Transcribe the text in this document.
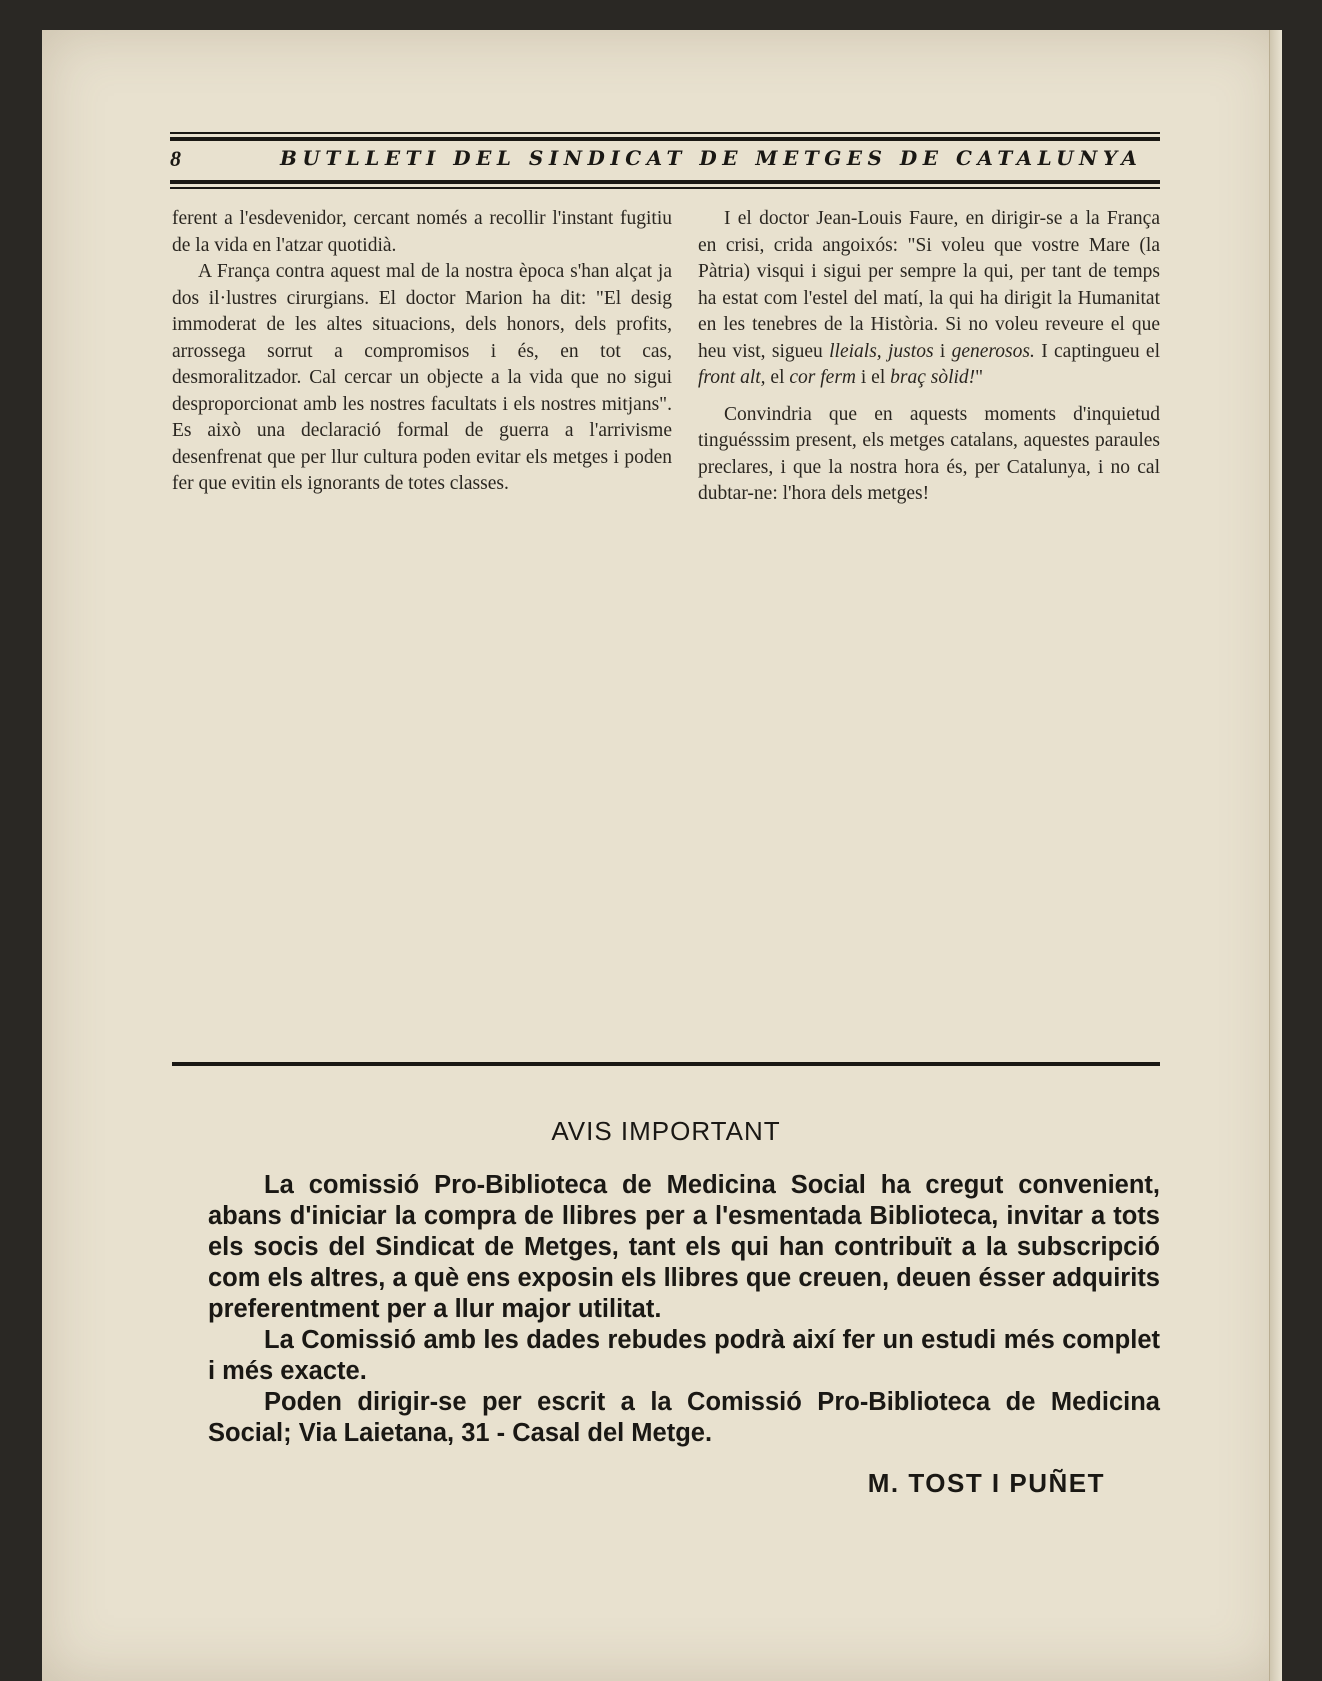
8	BUTLLETI DEL SINDICAT DE METGES DE CATALUNYA

ferent a l'esdevenidor, cercant només a recollir l'instant fugitiu de la vida en l'atzar quotidià.

A França contra aquest mal de la nostra època s'han alçat ja dos il·lustres cirurgians. El doctor Marion ha dit: "El desig immoderat de les altes situacions, dels honors, dels profits, arrossega sorrut a compromisos i és, en tot cas, desmoralitzador. Cal cercar un objecte a la vida que no sigui desproporcionat amb les nostres facultats i els nostres mitjans". Es això una declaració formal de guerra a l'arrivisme desenfrenat que per llur cultura poden evitar els metges i poden fer que evitin els ignorants de totes classes.

I el doctor Jean-Louis Faure, en dirigir-se a la França en crisi, crida angoixós: "Si voleu que vostre Mare (la Pàtria) visqui i sigui per sempre la qui, per tant de temps ha estat com l'estel del matí, la qui ha dirigit la Humanitat en les tenebres de la Història. Si no voleu reveure el que heu vist, sigueu lleials, justos i generosos. I captingueu el front alt, el cor ferm i el braç sòlid!"

Convindria que en aquests moments d'inquietud tinguésssim present, els metges catalans, aquestes paraules preclares, i que la nostra hora és, per Catalunya, i no cal dubtar-ne: l'hora dels metges!

AVIS IMPORTANT

La comissió Pro-Biblioteca de Medicina Social ha cregut convenient, abans d'iniciar la compra de llibres per a l'esmentada Biblioteca, invitar a tots els socis del Sindicat de Metges, tant els qui han contribuït a la subscripció com els altres, a què ens exposin els llibres que creuen, deuen ésser adquirits preferentment per a llur major utilitat.

La Comissió amb les dades rebudes podrà així fer un estudi més complet i més exacte.

Poden dirigir-se per escrit a la Comissió Pro-Biblioteca de Medicina Social; Via Laietana, 31 - Casal del Metge.

M. TOST I PUÑET
